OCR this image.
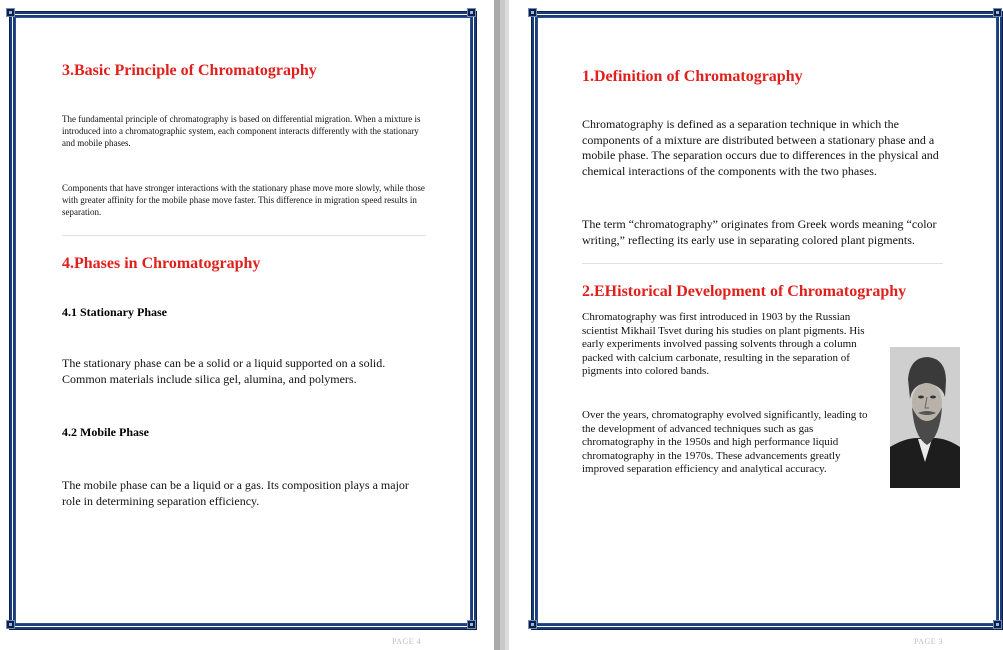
3.Basic Principle of Chromatography

The fundamental principle of chromatography is based on differential migration. When a mixture is introduced into a chromatographic system, each component interacts differently with the stationary and mobile phases.

Components that have stronger interactions with the stationary phase move more slowly, while those with greater affinity for the mobile phase move faster. This difference in migration speed results in separation.

4.Phases in Chromatography
4.1 Stationary Phase

The stationary phase can be a solid or a liquid supported on a solid. Common materials include silica gel, alumina, and polymers.

4.2 Mobile Phase

The mobile phase can be a liquid or a gas. Its composition plays a major role in determining separation efficiency.

PAGE 4
1.Definition of Chromatography

Chromatography is defined as a separation technique in which the components of a mixture are distributed between a stationary phase and a mobile phase. The separation occurs due to differences in the physical and chemical interactions of the components with the two phases.

The term “chromatography” originates from Greek words meaning “color writing,” reflecting its early use in separating colored plant pigments.

2.EHistorical Development of Chromatography

Chromatography was first introduced in 1903 by the Russian scientist Mikhail Tsvet during his studies on plant pigments. His early experiments involved passing solvents through a column packed with calcium carbonate, resulting in the separation of pigments into colored bands.

Over the years, chromatography evolved significantly, leading to the development of advanced techniques such as gas chromatography in the 1950s and high performance liquid chromatography in the 1970s. These advancements greatly improved separation efficiency and analytical accuracy.

PAGE 3
